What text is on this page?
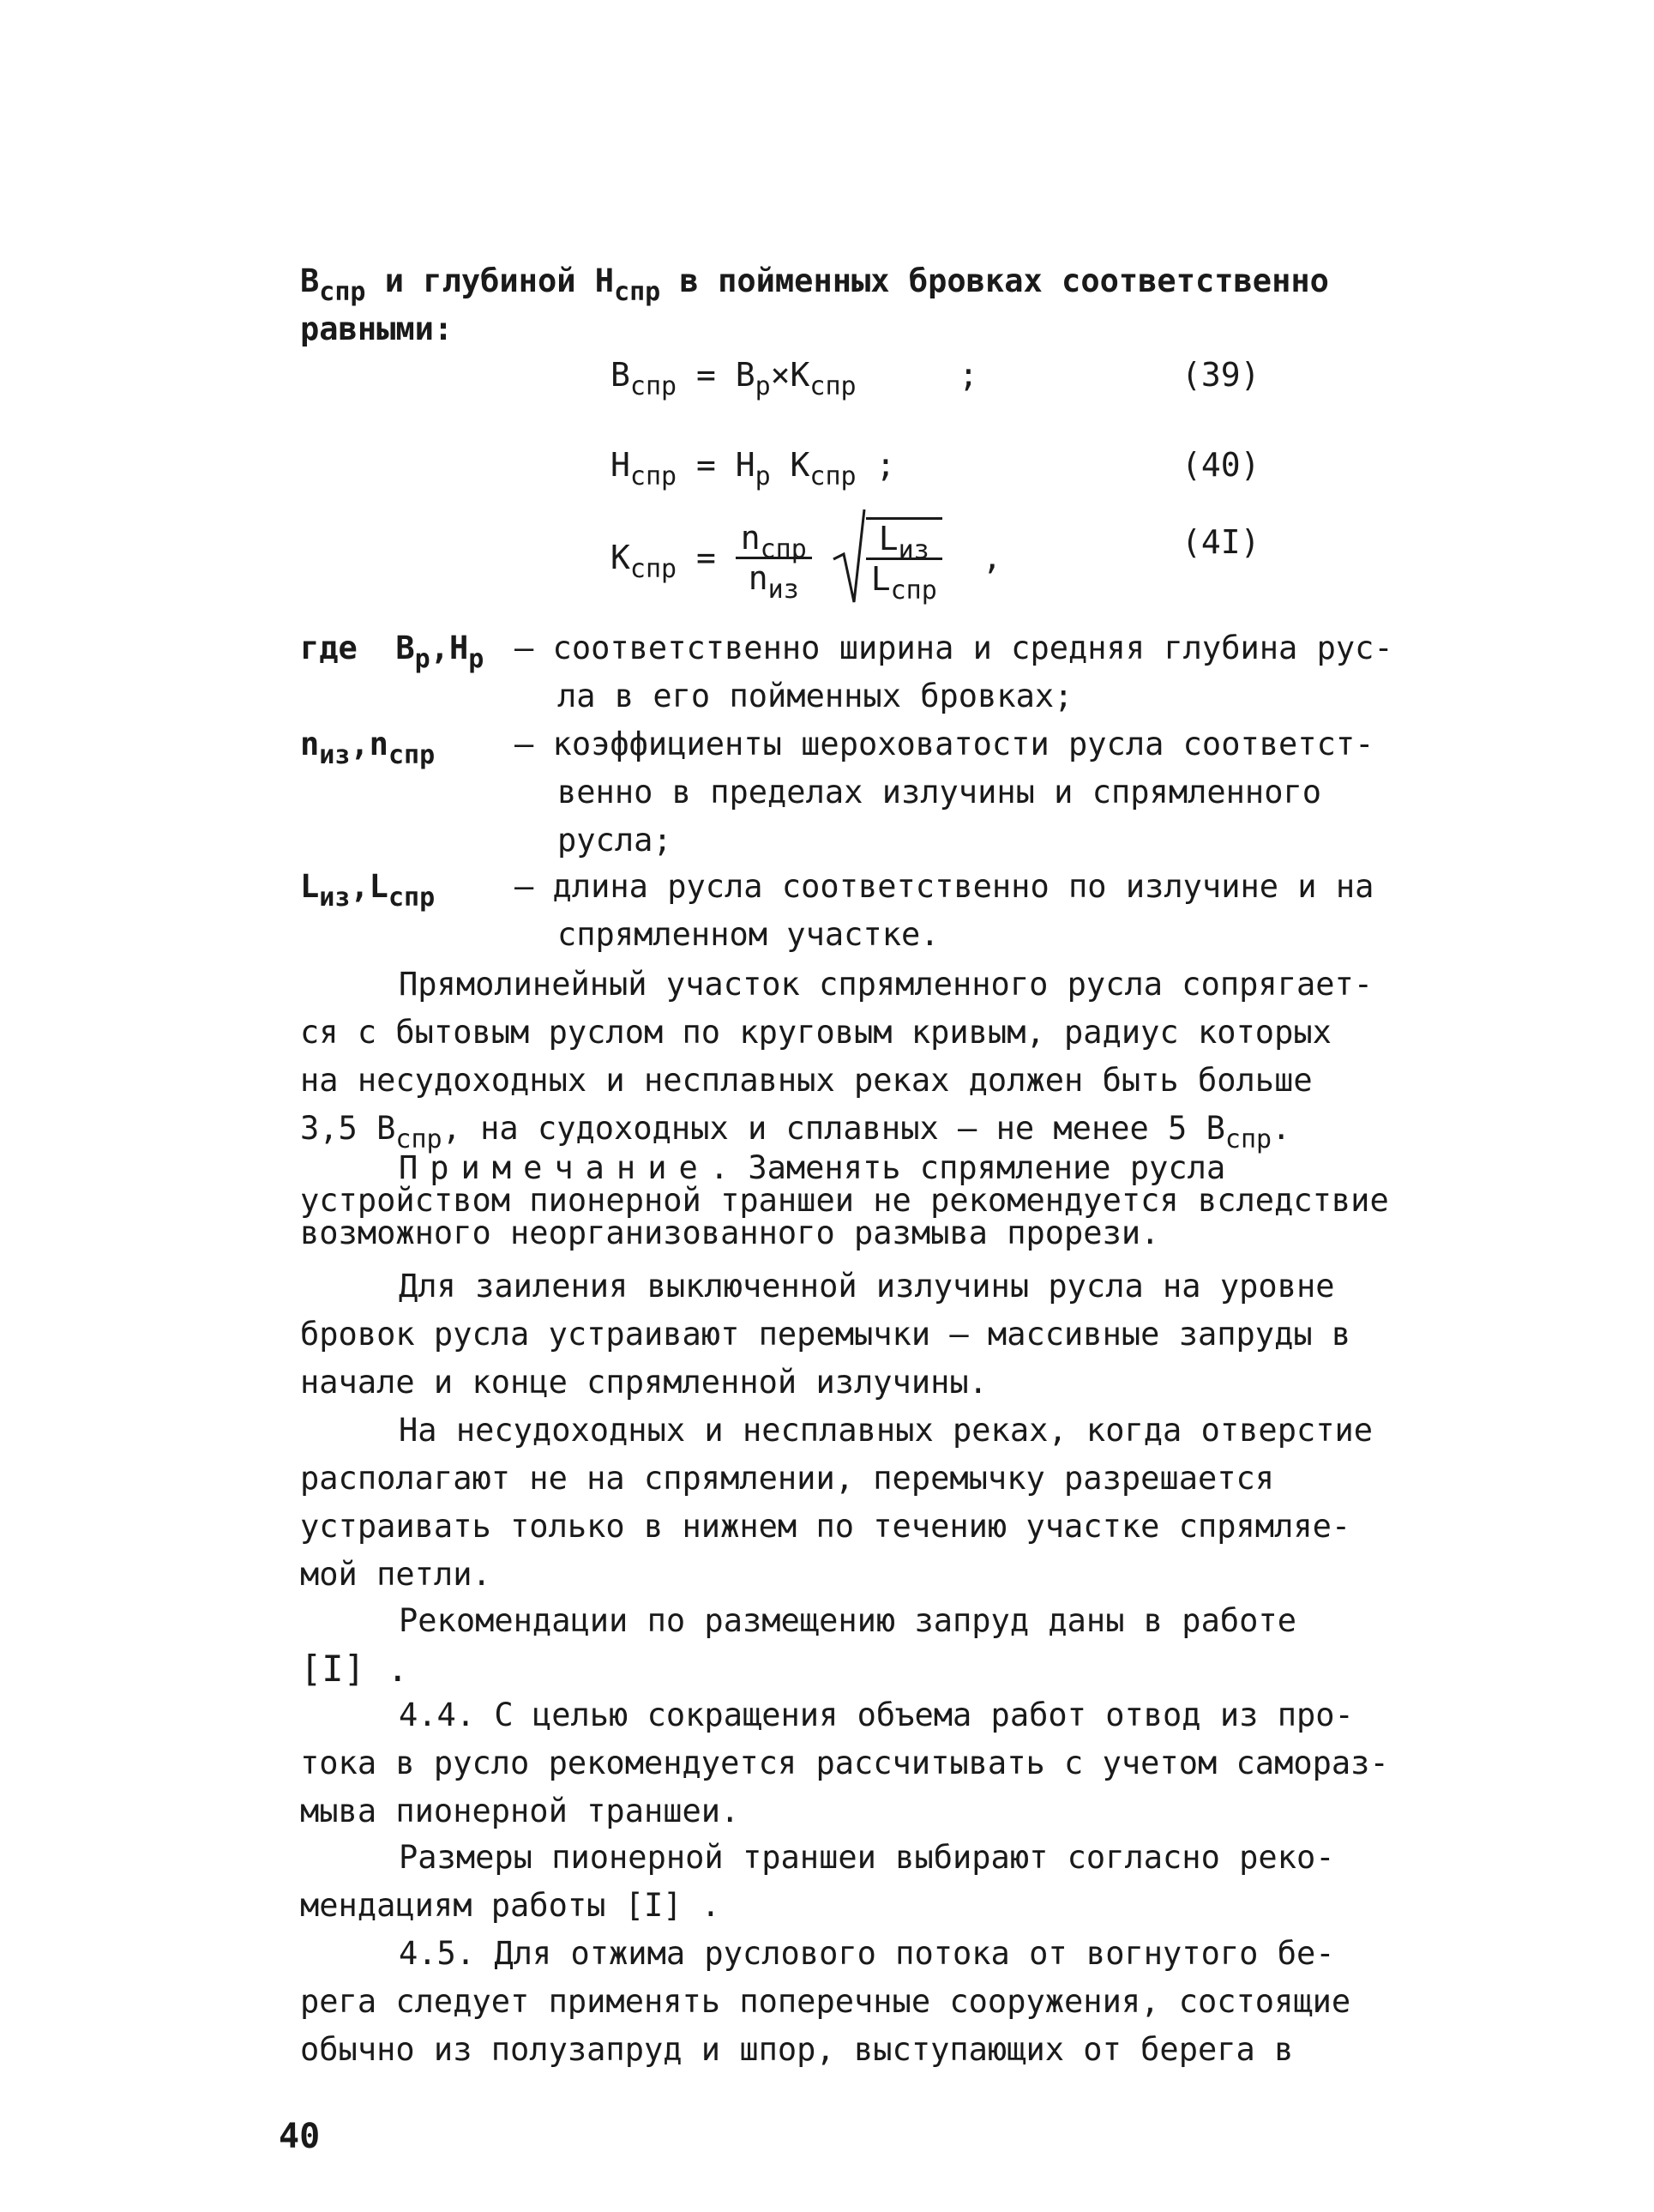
$B_{спр}$ и глубиной $H_{спр}$ в пойменных бровках соответственно
равными:
$B_{спр} = B_p\times K_{спр}$	;	(39)
$H_{спр} = H_p$ $K_{спр}$ ;	(40)
$K_{спр} = \frac{n_{спр}}{n_{из}}$
$\frac{L_{из}}{L_{спр}}$ ,	(4I)
где $B_p,H_p$ – соответственно ширина и средняя глубина рус-
ла в его пойменных бровках;
$n_{из},n_{спр}$	– коэффициенты шероховатости русла соответст-
венно в пределах излучины и спрямленного
русла;
$L_{из},L_{спр}$	– длина русла соответственно по излучине и на
спрямленном участке.
Прямолинейный участок спрямленного русла сопрягает-
ся с бытовым руслом по круговым кривым, радиус которых
на несудоходных и несплавных реках должен быть больше
3,5 $B_{спр}$, на судоходных и сплавных – не менее 5 $B_{спр}$.
Примечание. Заменять спрямление русла
устройством пионерной траншеи не рекомендуется вследствие
возможного неорганизованного размыва прорези.
Для заиления выключенной излучины русла на уровне
бровок русла устраивают перемычки – массивные запруды в
начале и конце спрямленной излучины.
На несудоходных и несплавных реках, когда отверстие
располагают не на спрямлении, перемычку разрешается
устраивать только в нижнем по течению участке спрямляе-
мой петли.
Рекомендации по размещению запруд даны в работе
[I] .
4.4. С целью сокращения объема работ отвод из про-
тока в русло рекомендуется рассчитывать с учетом самораз-
мыва пионерной траншеи.
Размеры пионерной траншеи выбирают согласно реко-
мендациям работы [I] .
4.5. Для отжима руслового потока от вогнутого бе-
рега следует применять поперечные сооружения, состоящие
обычно из полузапруд и шпор, выступающих от берега в
40
